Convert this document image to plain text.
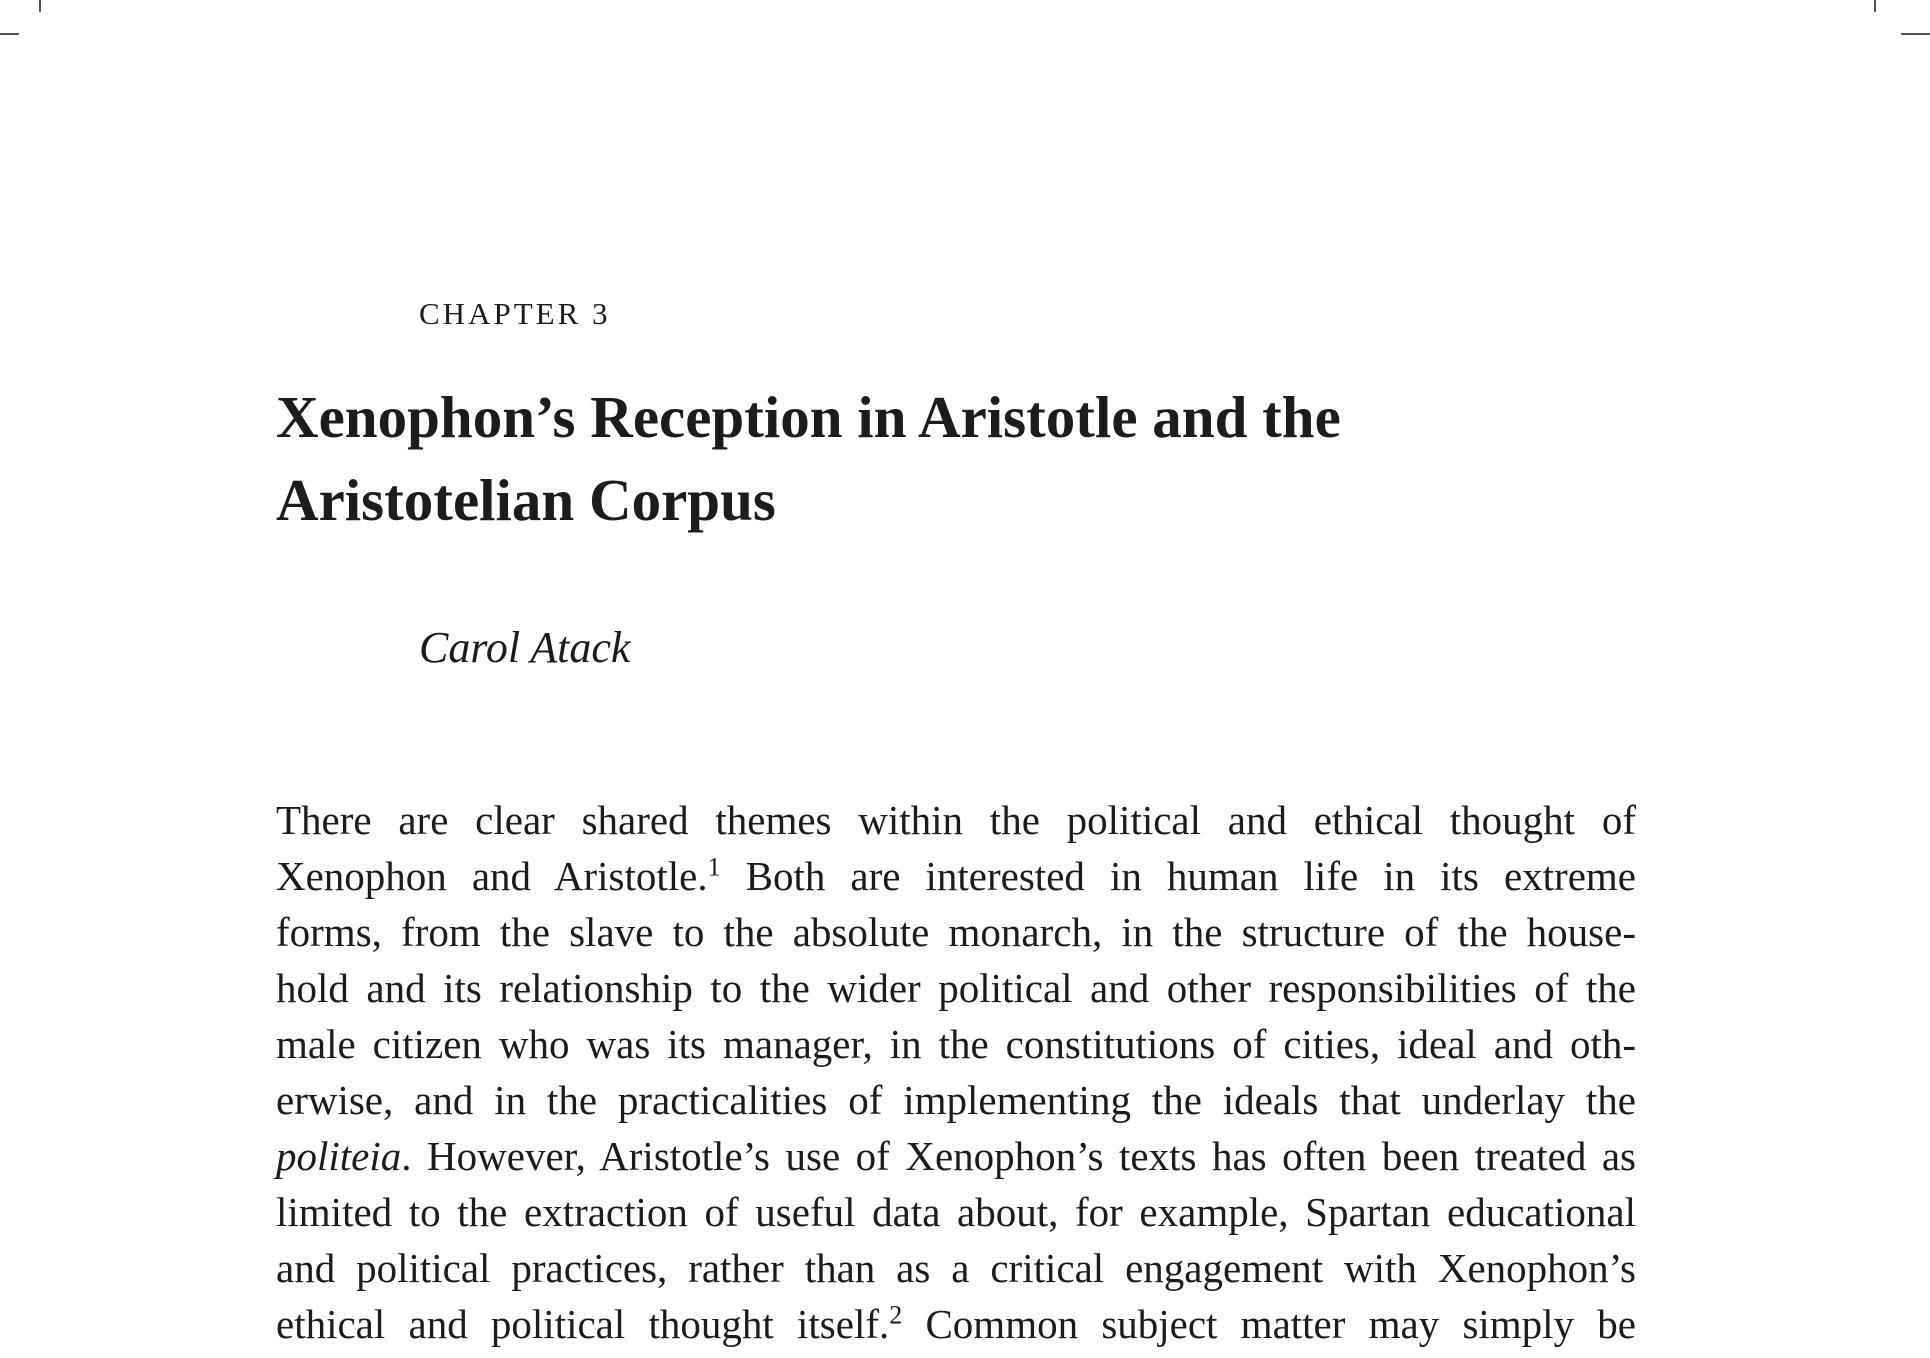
CHAPTER 3

Xenophon’s Reception in Aristotle and the
Aristotelian Corpus

Carol Atack

There are clear shared themes within the political and ethical thought of
Xenophon and Aristotle.$^1$ Both are interested in human life in its extreme
forms, from the slave to the absolute monarch, in the structure of the house-
hold and its relationship to the wider political and other responsibilities of the
male citizen who was its manager, in the constitutions of cities, ideal and oth-
erwise, and in the practicalities of implementing the ideals that underlay the
politeia. However, Aristotle’s use of Xenophon’s texts has often been treated as
limited to the extraction of useful data about, for example, Spartan educational
and political practices, rather than as a critical engagement with Xenophon’s
ethical and political thought itself.$^2$ Common subject matter may simply be
